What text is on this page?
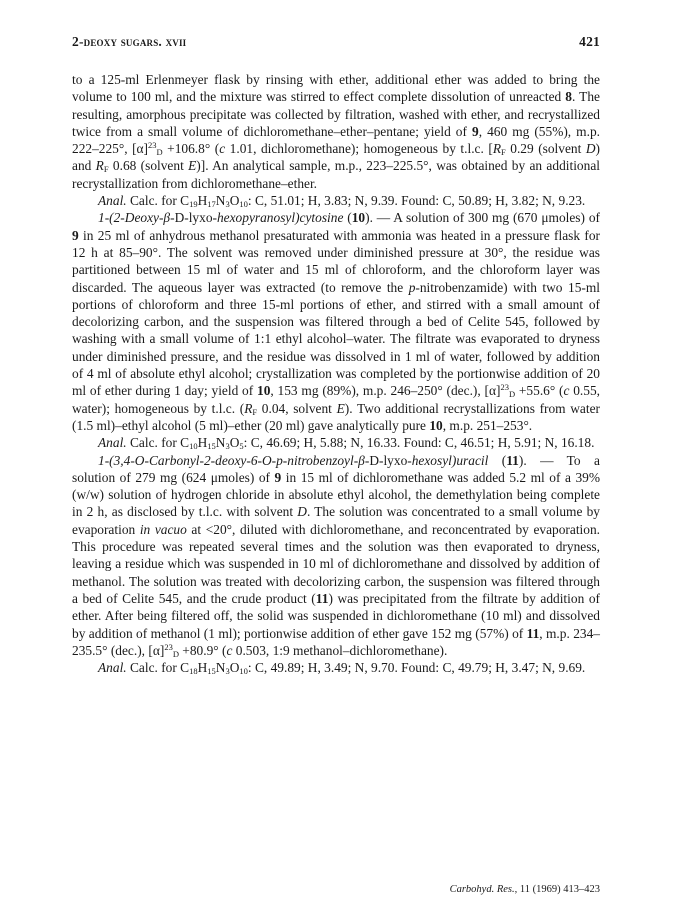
2-deoxy sugars. xvii	421

to a 125-ml Erlenmeyer flask by rinsing with ether, additional ether was added to bring the volume to 100 ml, and the mixture was stirred to effect complete dissolution of unreacted 8. The resulting, amorphous precipitate was collected by filtration, washed with ether, and recrystallized twice from a small volume of dichloromethane–ether–pentane; yield of 9, 460 mg (55%), m.p. 222–225°, $[\alpha]^{23}_D +106.8^\circ$ (c 1.01, dichloromethane); homogeneous by t.l.c. [$R_F$ 0.29 (solvent D) and $R_F$ 0.68 (solvent E)]. An analytical sample, m.p., 223–225.5°, was obtained by an additional recrystallization from dichloromethane–ether.

Anal. Calc. for $C_{19}H_{17}N_3O_{10}$: C, 51.01; H, 3.83; N, 9.39. Found: C, 50.89; H, 3.82; N, 9.23.

1-(2-Deoxy-β-D-lyxo-hexopyranosyl)cytosine (10). — A solution of 300 mg (670 μmoles) of 9 in 25 ml of anhydrous methanol presaturated with ammonia was heated in a pressure flask for 12 h at 85–90°. The solvent was removed under diminished pressure at 30°, the residue was partitioned between 15 ml of water and 15 ml of chloroform, and the chloroform layer was discarded. The aqueous layer was extracted (to remove the p-nitrobenzamide) with two 15-ml portions of chloroform and three 15-ml portions of ether, and stirred with a small amount of decolorizing carbon, and the suspension was filtered through a bed of Celite 545, followed by washing with a small volume of 1:1 ethyl alcohol–water. The filtrate was evaporated to dryness under diminished pressure, and the residue was dissolved in 1 ml of water, followed by addition of 4 ml of absolute ethyl alcohol; crystallization was completed by the portionwise addition of 20 ml of ether during 1 day; yield of 10, 153 mg (89%), m.p. 246–250° (dec.), $[\alpha]^{23}_D +55.6^\circ$ (c 0.55, water); homogeneous by t.l.c. ($R_F$ 0.04, solvent E). Two additional recrystallizations from water (1.5 ml)–ethyl alcohol (5 ml)–ether (20 ml) gave analytically pure 10, m.p. 251–253°.

Anal. Calc. for $C_{10}H_{15}N_3O_5$: C, 46.69; H, 5.88; N, 16.33. Found: C, 46.51; H, 5.91; N, 16.18.

1-(3,4-O-Carbonyl-2-deoxy-6-O-p-nitrobenzoyl-β-D-lyxo-hexosyl)uracil (11). — To a solution of 279 mg (624 μmoles) of 9 in 15 ml of dichloromethane was added 5.2 ml of a 39% (w/w) solution of hydrogen chloride in absolute ethyl alcohol, the demethylation being complete in 2 h, as disclosed by t.l.c. with solvent D. The solution was concentrated to a small volume by evaporation in vacuo at <20°, diluted with dichloromethane, and reconcentrated by evaporation. This procedure was repeated several times and the solution was then evaporated to dryness, leaving a residue which was suspended in 10 ml of dichloromethane and dissolved by addition of methanol. The solution was treated with decolorizing carbon, the suspension was filtered through a bed of Celite 545, and the crude product (11) was precipitated from the filtrate by addition of ether. After being filtered off, the solid was suspended in dichloromethane (10 ml) and dissolved by addition of methanol (1 ml); portionwise addition of ether gave 152 mg (57%) of 11, m.p. 234–235.5° (dec.), $[\alpha]^{23}_D +80.9^\circ$ (c 0.503, 1:9 methanol–dichloromethane).

Anal. Calc. for $C_{18}H_{15}N_3O_{10}$: C, 49.89; H, 3.49; N, 9.70. Found: C, 49.79; H, 3.47; N, 9.69.

Carbohyd. Res., 11 (1969) 413–423
